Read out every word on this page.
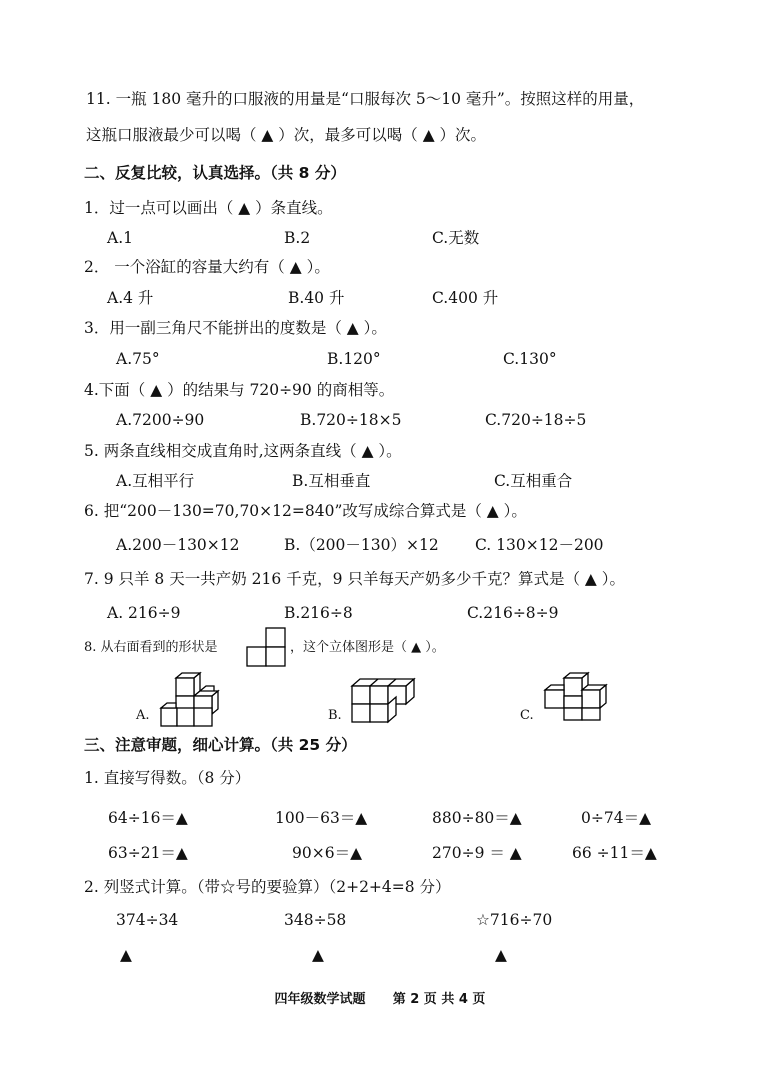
11. 一瓶 180 毫升的口服液的用量是“口服每次 5～10 毫升”。按照这样的用量，
这瓶口服液最少可以喝（ ▲ ）次，最多可以喝（ ▲ ）次。
二、反复比较，认真选择。（共 8 分）
1．过一点可以画出（ ▲ ）条直线。
A.1	B.2	C.无数
2． 一个浴缸的容量大约有（ ▲ ）。
A.4 升	B.40 升	C.400 升
3．用一副三角尺不能拼出的度数是（ ▲ ）。
A.75°	B.120°	C.130°
4.下面（ ▲ ）的结果与 720÷90 的商相等。
A.7200÷90	B.720÷18×5	C.720÷18÷5
5. 两条直线相交成直角时,这两条直线（ ▲ ）。
A.互相平行	B.互相垂直	C.互相重合
6. 把“200－130=70,70×12=840”改写成综合算式是（ ▲ ）。
A.200－130×12	B.（200－130）×12 C. 130×12－200
7. 9 只羊 8 天一共产奶 216 千克，9 只羊每天产奶多少千克？算式是（ ▲ ）。
A. 216÷9	B.216÷8	C.216÷8÷9
8. 从右面看到的形状是	，这个立体图形是（ ▲ ）。
A.	B.	C.
三、注意审题，细心计算。（共 25 分）
1. 直接写得数。（8 分）
64÷16＝▲	100－63＝▲	880÷80＝▲	0÷74＝▲
63÷21＝▲	90×6＝▲	270÷9 ＝ ▲	66 ÷11＝▲
2. 列竖式计算。（带☆号的要验算）（2+2+4=8 分）
374÷34	348÷58	☆716÷70
▲	▲	▲
四年级数学试题      第 2 页 共 4 页
